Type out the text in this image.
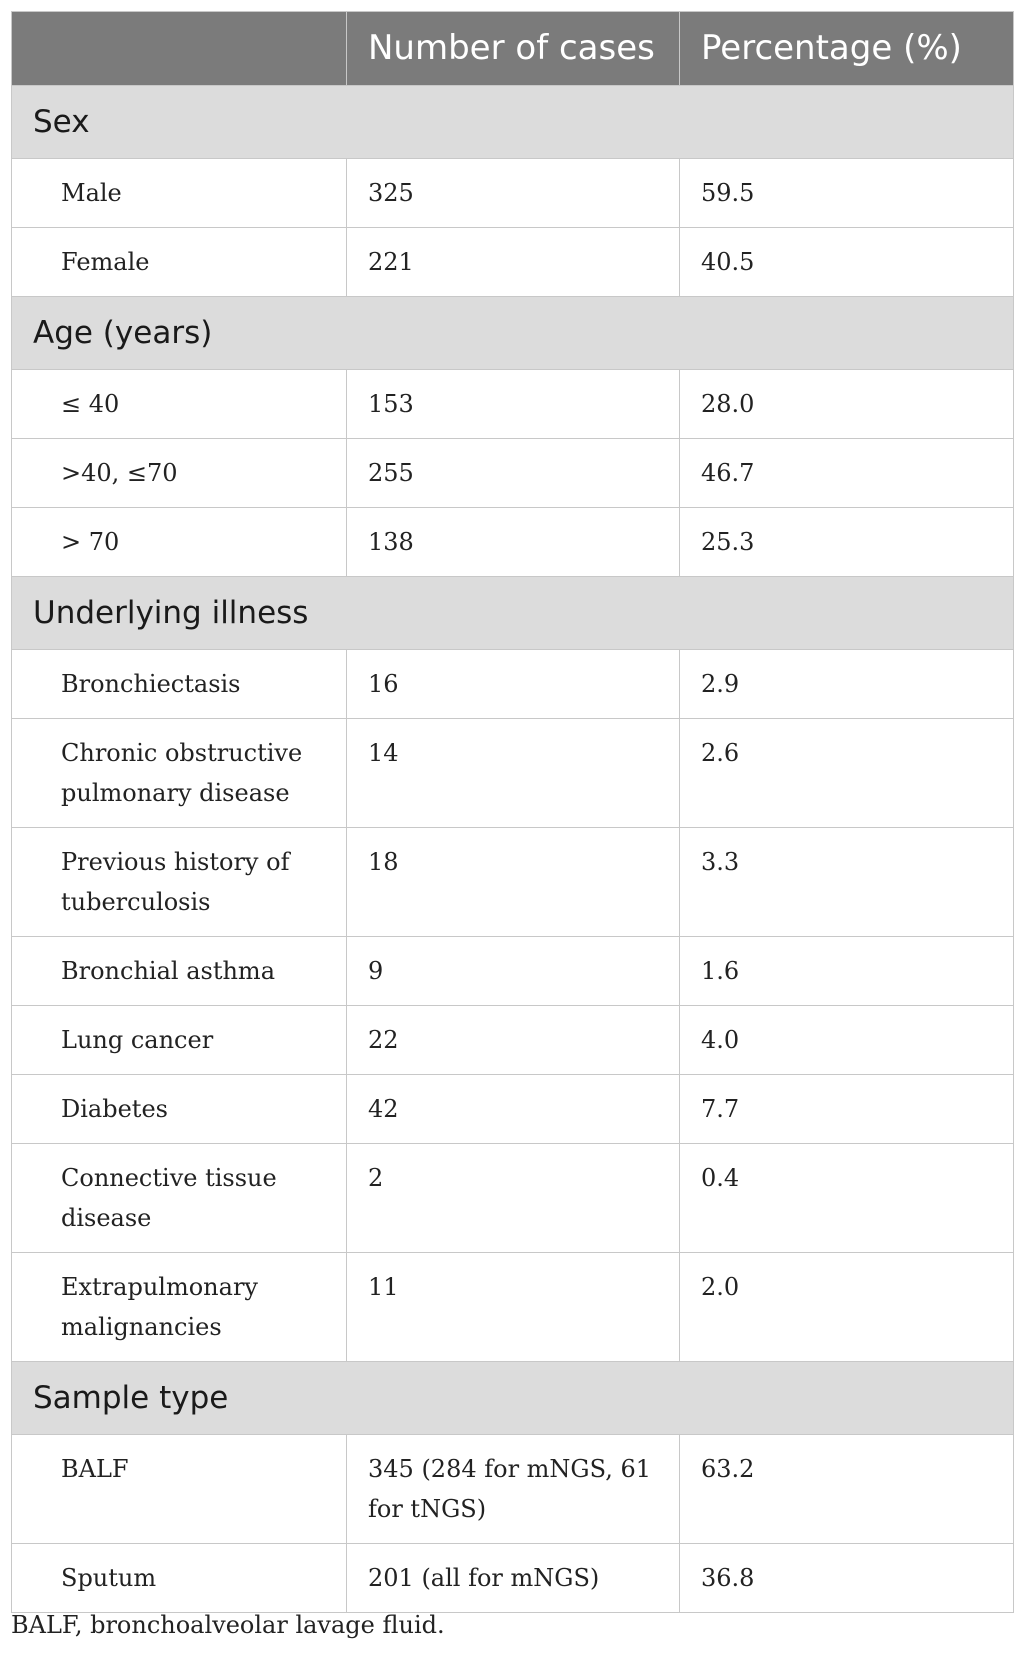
	Number of cases	Percentage (%)
Sex		
Male	325	59.5
Female	221	40.5
Age (years)		
≤ 40	153	28.0
>40, ≤70	255	46.7
> 70	138	25.3
Underlying illness		
Bronchiectasis	16	2.9
Chronic obstructive pulmonary disease	14	2.6
Previous history of tuberculosis	18	3.3
Bronchial asthma	9	1.6
Lung cancer	22	4.0
Diabetes	42	7.7
Connective tissue disease	2	0.4
Extrapulmonary malignancies	11	2.0
Sample type		
BALF	345 (284 for mNGS, 61 for tNGS)	63.2
Sputum	201 (all for mNGS)	36.8
BALF, bronchoalveolar lavage fluid.
